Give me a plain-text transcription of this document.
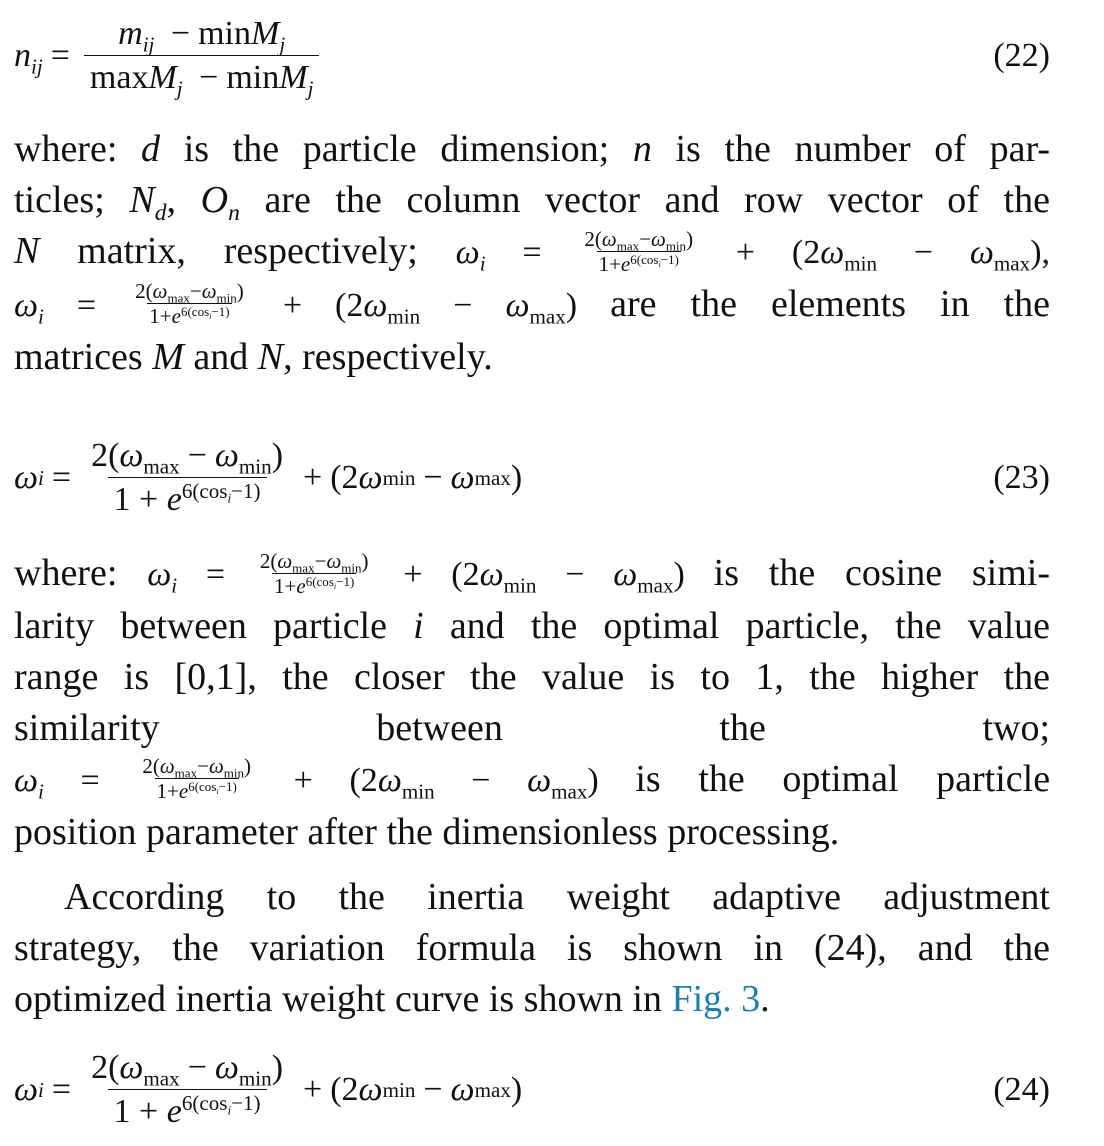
$n_{ij} = \frac{m_{ij} - \min M_j}{\max M_j - \min M_j}$	(22)
where: d is the particle dimension; n is the number of par-
ticles; $N_d$, $O_n$ are the column vector and row vector of the
N matrix, respectively; $\omega_i = \frac{2(\omega_{max}-\omega_{min})}{1+e^{6(cos_i-1)}} + (2\omega_{min} - \omega_{max})$,
$\omega_i = \frac{2(\omega_{max}-\omega_{min})}{1+e^{6(cos_i-1)}} + (2\omega_{min} - \omega_{max})$ are the elements in the
matrices M and N, respectively.
ω $i = \frac{2(\omega_{max} - \omega_{min})}{1 + e^{6(cos_i-1)}} + (2$ ω min − ω max )	(23)
where: $\omega_i = \frac{2(\omega_{max}-\omega_{min})}{1+e^{6(cos_i-1)}} + (2\omega_{min} - \omega_{max})$ is the cosine simi-
larity between particle i and the optimal particle, the value
range is [0,1], the closer the value is to 1, the higher the
similarity	between	the	two;
$\omega_i = \frac{2(\omega_{max}-\omega_{min})}{1+e^{6(cos_i-1)}} + (2\omega_{min} - \omega_{max})$ is the optimal particle
position parameter after the dimensionless processing.
According to the inertia weight adaptive adjustment
strategy, the variation formula is shown in (24), and the
optimized inertia weight curve is shown in Fig. 3.
ω $i = \frac{2(\omega_{max} - \omega_{min})}{1 + e^{6(cos_i-1)}} + (2$ ω min − ω max )	(24)
